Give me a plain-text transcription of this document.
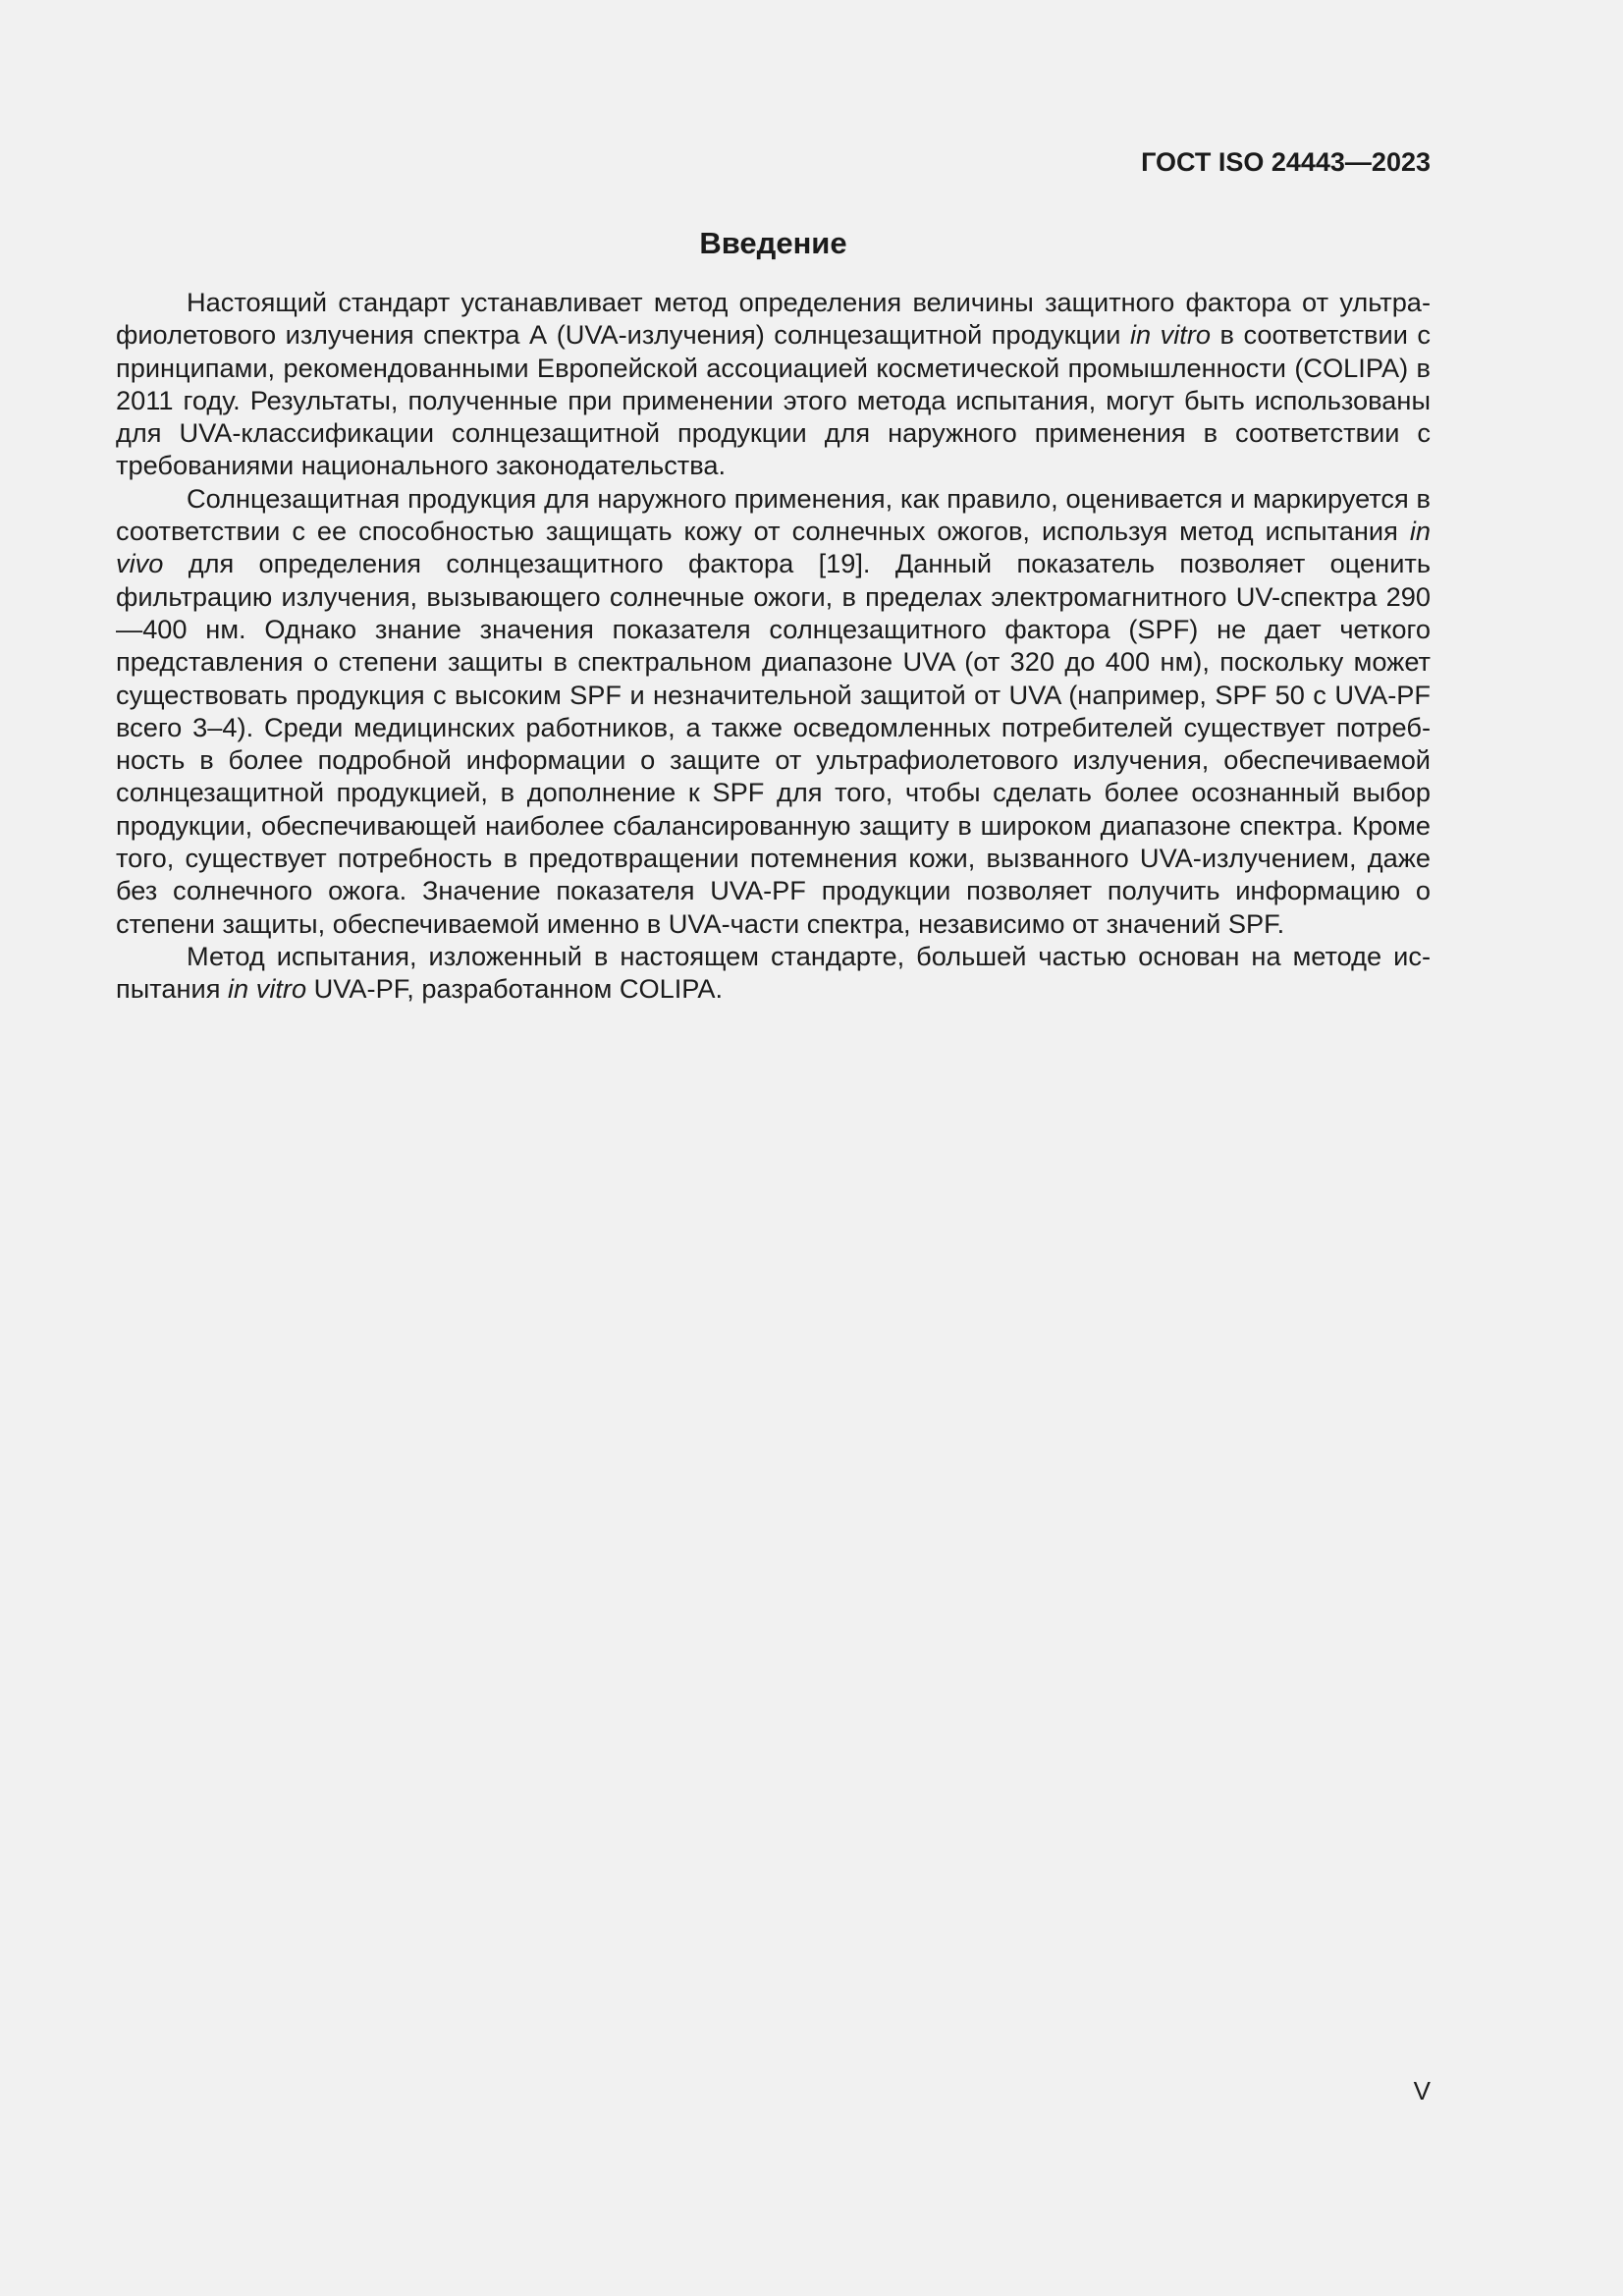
ГОСТ ISO 24443—2023
Введение

Настоящий стандарт устанавливает метод определения величины защитного фактора от ультрафиолетового излучения спектра А (UVA-излучения) солнцезащитной продукции in vitro в соответствии с принципами, рекомендованными Европейской ассоциацией косметической промышленности (COLIPA) в 2011 году. Результаты, полученные при применении этого метода испытания, могут быть использованы для UVA-классификации солнцезащитной продукции для наружного применения в соответствии с требованиями национального законодательства.

Солнцезащитная продукция для наружного применения, как правило, оценивается и маркируется в соответствии с ее способностью защищать кожу от солнечных ожогов, используя метод испытания in vivo для определения солнцезащитного фактора [19]. Данный показатель позволяет оценить фильтрацию излучения, вызывающего солнечные ожоги, в пределах электромагнитного UV-спектра 290—400 нм. Однако знание значения показателя солнцезащитного фактора (SPF) не дает четкого представления о степени защиты в спектральном диапазоне UVA (от 320 до 400 нм), поскольку может существовать продукция с высоким SPF и незначительной защитой от UVA (например, SPF 50 с UVA-PF всего 3–4). Среди медицинских работников, а также осведомленных потребителей существует потребность в более подробной информации о защите от ультрафиолетового излучения, обеспечиваемой солнцезащитной продукцией, в дополнение к SPF для того, чтобы сделать более осознанный выбор продукции, обеспечивающей наиболее сбалансированную защиту в широком диапазоне спектра. Кроме того, существует потребность в предотвращении потемнения кожи, вызванного UVA-излучением, даже без солнечного ожога. Значение показателя UVA-PF продукции позволяет получить информацию о степени защиты, обеспечиваемой именно в UVA-части спектра, независимо от значений SPF.

Метод испытания, изложенный в настоящем стандарте, большей частью основан на методе испытания in vitro UVA-PF, разработанном COLIPA.

V
